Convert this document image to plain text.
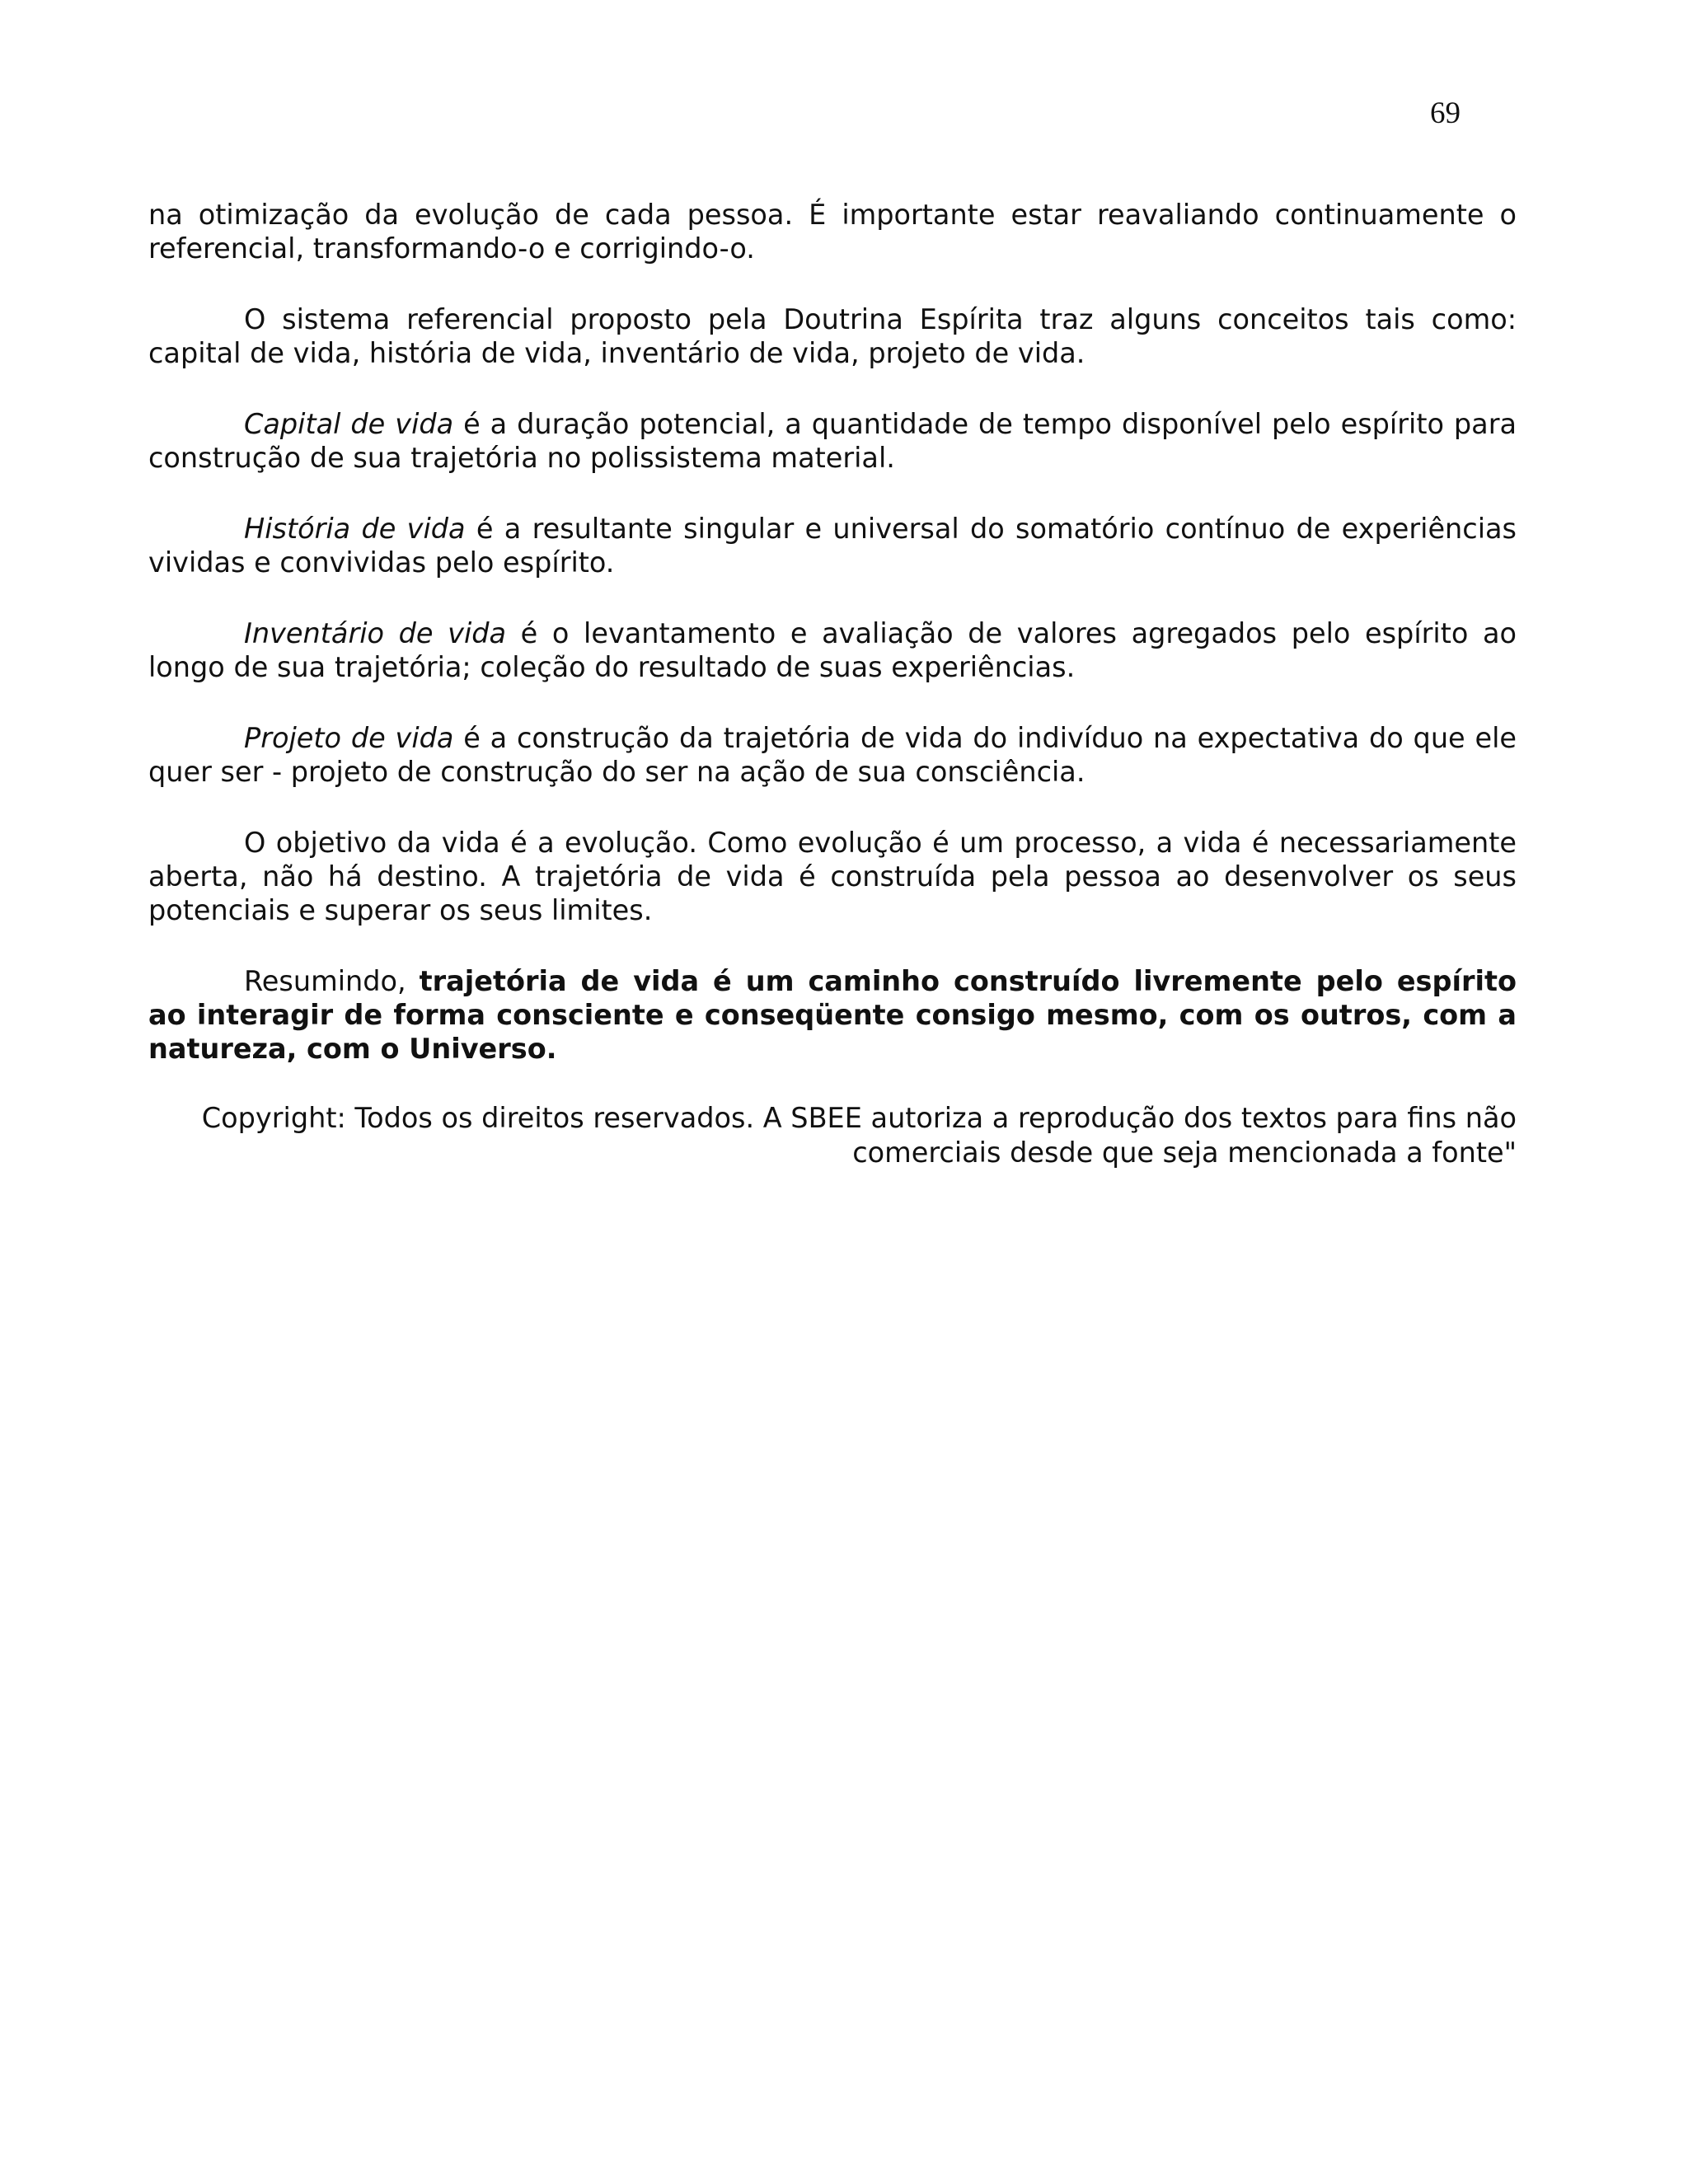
69

na otimização da evolução de cada pessoa. É importante estar reavaliando continuamente o referencial, transformando-o e corrigindo-o.

O sistema referencial proposto pela Doutrina Espírita traz alguns conceitos tais como: capital de vida, história de vida, inventário de vida, projeto de vida.

Capital de vida é a duração potencial, a quantidade de tempo disponível pelo espírito para construção de sua trajetória no polissistema material.

História de vida é a resultante singular e universal do somatório contínuo de experiências vividas e convividas pelo espírito.

Inventário de vida é o levantamento e avaliação de valores agregados pelo espírito ao longo de sua trajetória; coleção do resultado de suas experiências.

Projeto de vida é a construção da trajetória de vida do indivíduo na expectativa do que ele quer ser - projeto de construção do ser na ação de sua consciência.

O objetivo da vida é a evolução. Como evolução é um processo, a vida é necessariamente aberta, não há destino. A trajetória de vida é construída pela pessoa ao desenvolver os seus potenciais e superar os seus limites.

Resumindo, trajetória de vida é um caminho construído livremente pelo espírito ao interagir de forma consciente e conseqüente consigo mesmo, com os outros, com a natureza, com o Universo.

Copyright: Todos os direitos reservados. A SBEE autoriza a reprodução dos textos para fins não
comerciais desde que seja mencionada a fonte"
